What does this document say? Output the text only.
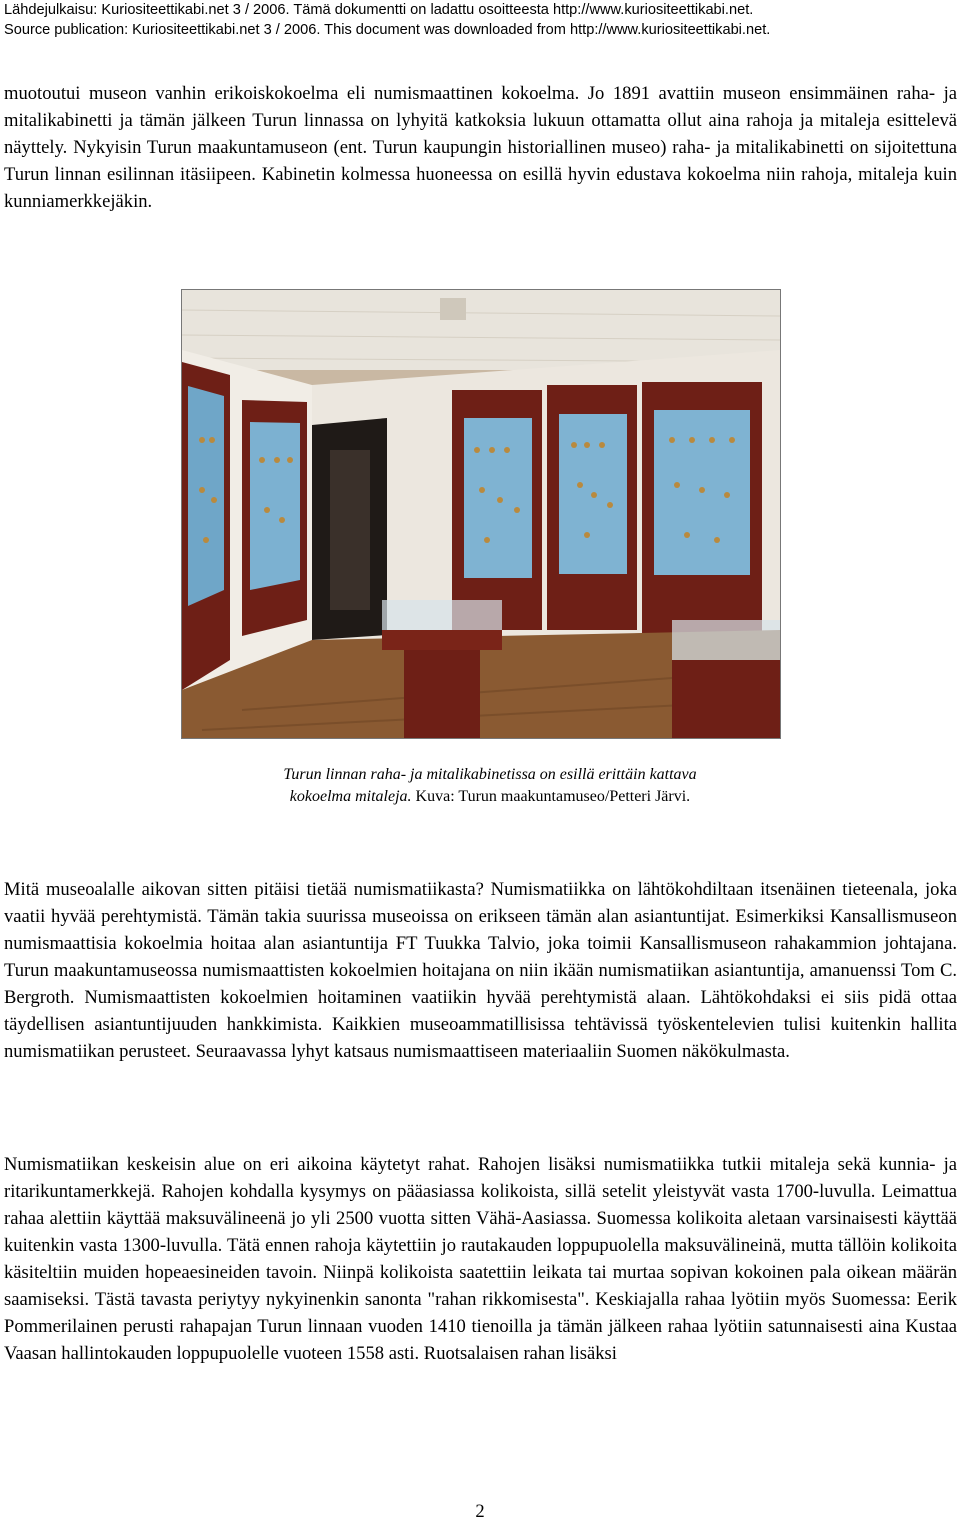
Lähdejulkaisu: Kuriositeettikabi.net 3 / 2006. Tämä dokumentti on ladattu osoitteesta http://www.kuriositeettikabi.net.
Source publication: Kuriositeettikabi.net 3 / 2006. This document was downloaded from http://www.kuriositeettikabi.net.

muotoutui museon vanhin erikoiskokoelma eli numismaattinen kokoelma. Jo 1891 avattiin museon ensimmäinen raha- ja mitalikabinetti ja tämän jälkeen Turun linnassa on lyhyitä katkoksia lukuun ottamatta ollut aina rahoja ja mitaleja esittelevä näyttely. Nykyisin Turun maakuntamuseon (ent. Turun kaupungin historiallinen museo) raha- ja mitalikabinetti on sijoitettuna Turun linnan esilinnan itäsiipeen. Kabinetin kolmessa huoneessa on esillä hyvin edustava kokoelma niin rahoja, mitaleja kuin kunniamerkkejäkin.

Turun linnan raha- ja mitalikabinetissa on esillä erittäin kattava
kokoelma mitaleja. Kuva: Turun maakuntamuseo/Petteri Järvi.

Mitä museoalalle aikovan sitten pitäisi tietää numismatiikasta? Numismatiikka on lähtökohdiltaan itsenäinen tieteenala, joka vaatii hyvää perehtymistä. Tämän takia suurissa museoissa on erikseen tämän alan asiantuntijat. Esimerkiksi Kansallismuseon numismaattisia kokoelmia hoitaa alan asiantuntija FT Tuukka Talvio, joka toimii Kansallismuseon rahakammion johtajana. Turun maakuntamuseossa numismaattisten kokoelmien hoitajana on niin ikään numismatiikan asiantuntija, amanuenssi Tom C. Bergroth. Numismaattisten kokoelmien hoitaminen vaatiikin hyvää perehtymistä alaan. Lähtökohdaksi ei siis pidä ottaa täydellisen asiantuntijuuden hankkimista. Kaikkien museoammatillisissa tehtävissä työskentelevien tulisi kuitenkin hallita numismatiikan perusteet. Seuraavassa lyhyt katsaus numismaattiseen materiaaliin Suomen näkökulmasta.

Numismatiikan keskeisin alue on eri aikoina käytetyt rahat. Rahojen lisäksi numismatiikka tutkii mitaleja sekä kunnia- ja ritarikuntamerkkejä. Rahojen kohdalla kysymys on pääasiassa kolikoista, sillä setelit yleistyvät vasta 1700-luvulla. Leimattua rahaa alettiin käyttää maksuvälineenä jo yli 2500 vuotta sitten Vähä-Aasiassa. Suomessa kolikoita aletaan varsinaisesti käyttää kuitenkin vasta 1300-luvulla. Tätä ennen rahoja käytettiin jo rautakauden loppupuolella maksuvälineinä, mutta tällöin kolikoita käsiteltiin muiden hopeaesineiden tavoin. Niinpä kolikoista saatettiin leikata tai murtaa sopivan kokoinen pala oikean määrän saamiseksi. Tästä tavasta periytyy nykyinenkin sanonta "rahan rikkomisesta". Keskiajalla rahaa lyötiin myös Suomessa: Eerik Pommerilainen perusti rahapajan Turun linnaan vuoden 1410 tienoilla ja tämän jälkeen rahaa lyötiin satunnaisesti aina Kustaa Vaasan hallintokauden loppupuolelle vuoteen 1558 asti. Ruotsalaisen rahan lisäksi

2
